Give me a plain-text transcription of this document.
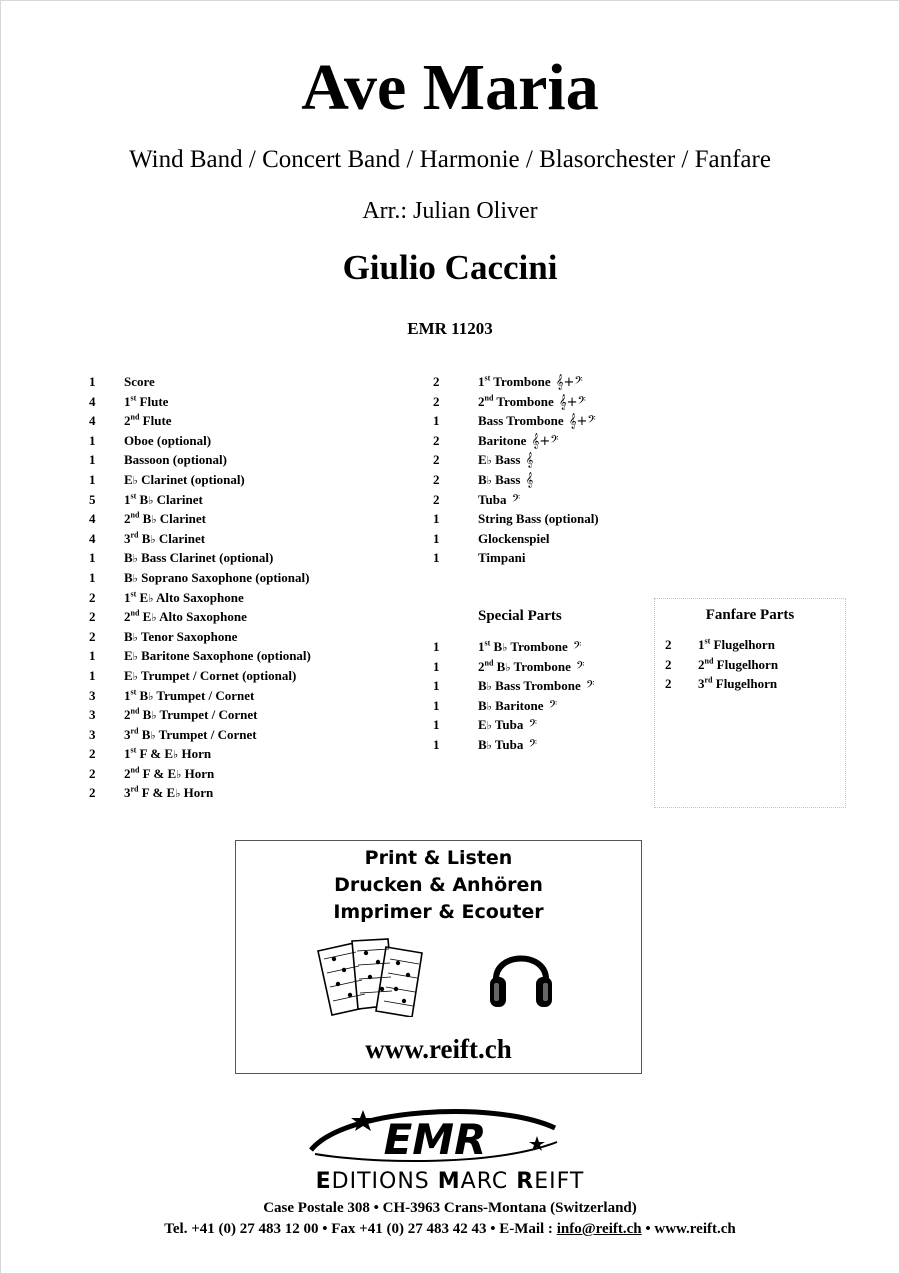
Ave Maria
Wind Band / Concert Band / Harmonie / Blasorchester / Fanfare
Arr.: Julian Oliver
Giulio Caccini
EMR 11203
1 Score
4 1st Flute
4 2nd Flute
1 Oboe (optional)
1 Bassoon (optional)
1 E♭ Clarinet (optional)
5 1st B♭ Clarinet
4 2nd B♭ Clarinet
4 3rd B♭ Clarinet
1 B♭ Bass Clarinet (optional)
1 B♭ Soprano Saxophone (optional)
2 1st E♭ Alto Saxophone
2 2nd E♭ Alto Saxophone
2 B♭ Tenor Saxophone
1 E♭ Baritone Saxophone (optional)
1 E♭ Trumpet / Cornet (optional)
3 1st B♭ Trumpet / Cornet
3 2nd B♭ Trumpet / Cornet
3 3rd B♭ Trumpet / Cornet
2 1st F & E♭ Horn
2 2nd F & E♭ Horn
2 3rd F & E♭ Horn
2	1st Trombone 𝄞+𝄢
2	2nd Trombone 𝄞+𝄢
1	Bass Trombone 𝄞+𝄢
2	Baritone 𝄞+𝄢
2	E♭ Bass 𝄞
2	B♭ Bass 𝄞
2	Tuba 𝄢
1	String Bass (optional)
1	Glockenspiel
1	Timpani
Special Parts
1	1st B♭ Trombone 𝄢
1	2nd B♭ Trombone 𝄢
1	B♭ Bass Trombone 𝄢
1	B♭ Baritone 𝄢
1	E♭ Tuba 𝄢
1	B♭ Tuba 𝄢
Fanfare Parts
2 1st Flugelhorn
2 2nd Flugelhorn
2 3rd Flugelhorn
Print & Listen
Drucken & Anhören
Imprimer & Ecouter
www.reift.ch
EMR
EDITIONS MARC REIFT
Case Postale 308 • CH-3963 Crans-Montana (Switzerland)
Tel. +41 (0) 27 483 12 00 • Fax +41 (0) 27 483 42 43 • E-Mail : info@reift.ch • www.reift.ch
